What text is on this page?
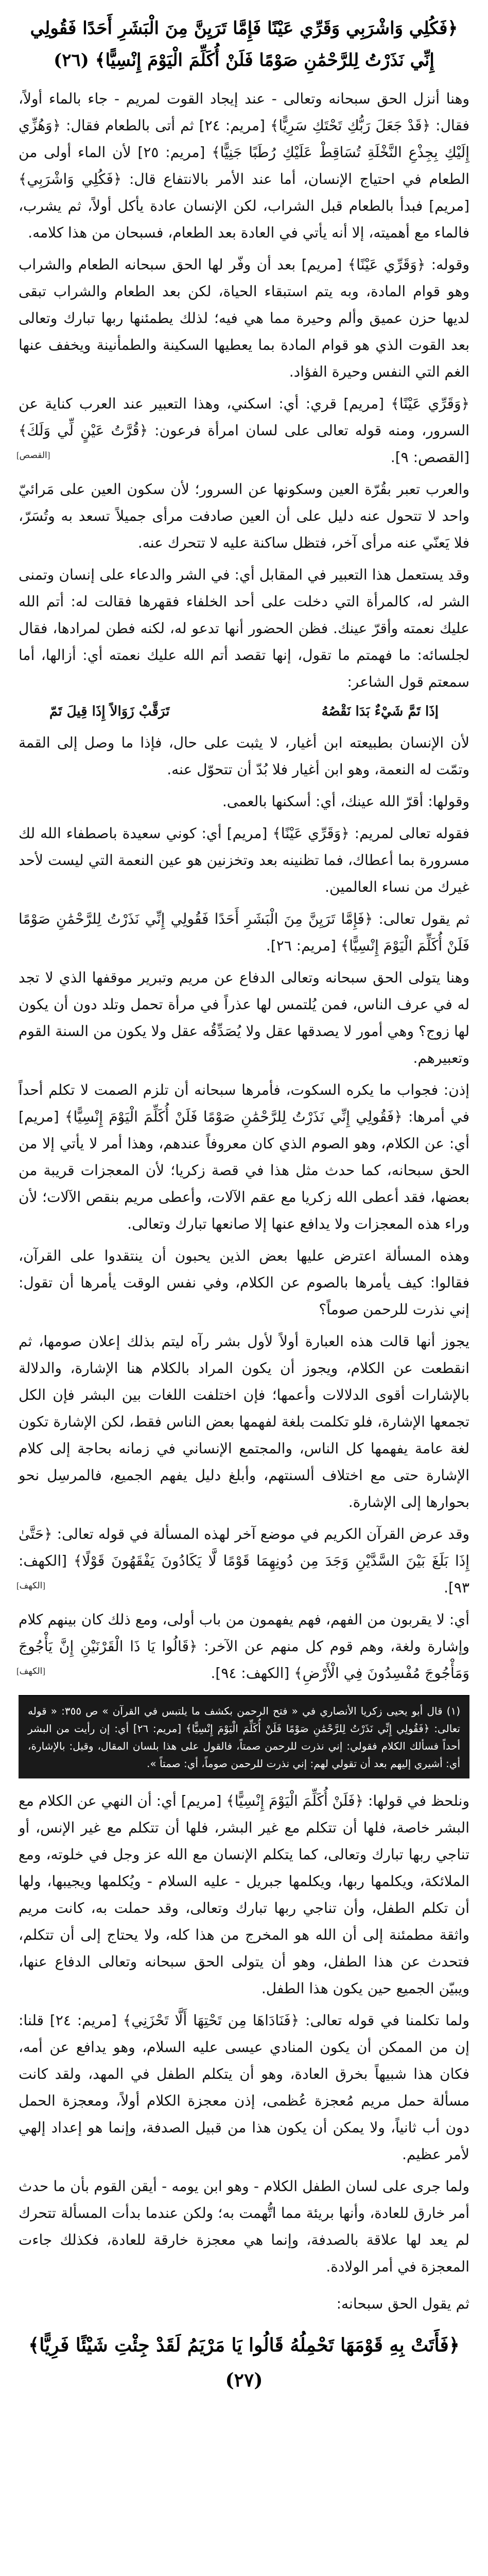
﴿فَكُلِي وَاشْرَبِي وَقَرِّي عَيْنًا فَإِمَّا تَرَيِنَّ مِنَ الْبَشَرِ أَحَدًا فَقُولِي إِنِّي نَذَرْتُ لِلرَّحْمَٰنِ صَوْمًا فَلَنْ أُكَلِّمَ الْيَوْمَ إِنْسِيًّا﴾ (٢٦)

وهنا أنزل الحق سبحانه وتعالى - عند إيجاد القوت لمريم - جاء بالماء أولاً، فقال: ﴿قَدْ جَعَلَ رَبُّكِ تَحْتَكِ سَرِيًّا﴾ [مريم: ٢٤] ثم أتى بالطعام فقال: ﴿وَهُزِّي إِلَيْكِ بِجِذْعِ النَّخْلَةِ تُسَاقِطْ عَلَيْكِ رُطَبًا جَنِيًّا﴾ [مريم: ٢٥] لأن الماء أولى من الطعام في احتياج الإنسان، أما عند الأمر بالانتفاع قال: ﴿فَكُلِي وَاشْرَبِي﴾ [مريم] فبدأ بالطعام قبل الشراب، لكن الإنسان عادة يأكل أولاً، ثم يشرب، فالماء مع أهميته، إلا أنه يأتي في العادة بعد الطعام، فسبحان من هذا كلامه.

وقوله: ﴿وَقَرِّي عَيْنًا﴾ [مريم] بعد أن وفّر لها الحق سبحانه الطعام والشراب وهو قوام المادة، وبه يتم استبقاء الحياة، لكن بعد الطعام والشراب تبقى لديها حزن عميق وألم وحيرة مما هي فيه؛ لذلك يطمئنها ربها تبارك وتعالى بعد القوت الذي هو قوام المادة بما يعطيها السكينة والطمأنينة ويخفف عنها الغم التي النفس وحيرة الفؤاد.

﴿وَقَرِّي عَيْنًا﴾ [مريم] قري: أي: اسكني، وهذا التعبير عند العرب كناية عن السرور، ومنه قوله تعالى على لسان امرأة فرعون: ﴿قُرَّتُ عَيْنٍ لِّي وَلَكَ﴾ [القصص: ٩].
[القصص]

والعرب تعبر بقُرّة العين وسكونها عن السرور؛ لأن سكون العين على مَرائيّ واحد لا تتحول عنه دليل على أن العين صادفت مرأى جميلاً تسعد به وتُسَرّ، فلا يَعنّي عنه مرأى آخر، فتظل ساكنة عليه لا تتحرك عنه.

وقد يستعمل هذا التعبير في المقابل أي: في الشر والدعاء على إنسان وتمنى الشر له، كالمرأة التي دخلت على أحد الخلفاء فقهرها فقالت له: أتم الله عليك نعمته وأقرّ عينك. فظن الحضور أنها تدعو له، لكنه فطن لمرادها، فقال لجلسائه: ما فهمتم ما تقول، إنها تقصد أتم الله عليك نعمته أي: أزالها، أما سمعتم قول الشاعر:

إذَا تَمَّ شَيْءٌ بَدَا نَقْصُهُ
تَرَقَّبْ زَوَالاً إِذَا قِيلَ تَمّ

لأن الإنسان بطبيعته ابن أغيار، لا يثبت على حال، فإذا ما وصل إلى القمة وتمّت له النعمة، وهو ابن أغيار فلا بُدّ أن تتحوّل عنه.

وقولها: أقرّ الله عينك، أي: أسكنها بالعمى.

فقوله تعالى لمريم: ﴿وَقَرِّي عَيْنًا﴾ [مريم] أي: كوني سعيدة باصطفاء الله لك مسرورة بما أعطاك، فما تظنينه بعد وتخزنين هو عين النعمة التي ليست لأحد غيرك من نساء العالمين.

ثم يقول تعالى: ﴿فَإِمَّا تَرَيِنَّ مِنَ الْبَشَرِ أَحَدًا فَقُولِي إِنِّي نَذَرْتُ لِلرَّحْمَٰنِ صَوْمًا فَلَنْ أُكَلِّمَ الْيَوْمَ إِنْسِيًّا﴾ [مريم: ٢٦].

وهنا يتولى الحق سبحانه وتعالى الدفاع عن مريم وتبرير موقفها الذي لا تجد له في عرف الناس، فمن يُلتمس لها عذراً في مرأة تحمل وتلد دون أن يكون لها زوج؟ وهي أمور لا يصدقها عقل ولا يُصَدِّقُه عقل ولا يكون من السنة القوم وتعبيرهم.

إذن: فجواب ما يكره السكوت، فأمرها سبحانه أن تلزم الصمت لا تكلم أحداً في أمرها: ﴿فَقُولِي إِنِّي نَذَرْتُ لِلرَّحْمَٰنِ صَوْمًا فَلَنْ أُكَلِّمَ الْيَوْمَ إِنْسِيًّا﴾ [مريم] أي: عن الكلام، وهو الصوم الذي كان معروفاً عندهم، وهذا أمر لا يأتي إلا من الحق سبحانه، كما حدث مثل هذا في قصة زكريا؛ لأن المعجزات قريبة من بعضها، فقد أعطى الله زكريا مع عقم الآلات، وأعطى مريم بنقص الآلات؛ لأن وراء هذه المعجزات ولا يدافع عنها إلا صانعها تبارك وتعالى.

وهذه المسألة اعترض عليها بعض الذين يحبون أن ينتقدوا على القرآن، فقالوا: كيف يأمرها بالصوم عن الكلام، وفي نفس الوقت يأمرها أن تقول: إني نذرت للرحمن صوماً؟

يجوز أنها قالت هذه العبارة أولاً لأول بشر رآه ليتم بذلك إعلان صومها، ثم انقطعت عن الكلام، ويجوز أن يكون المراد بالكلام هنا الإشارة، والدلالة بالإشارات أقوى الدلالات وأعمها؛ فإن اختلفت اللغات بين البشر فإن الكل تجمعها الإشارة، فلو تكلمت بلغة لفهمها بعض الناس فقط، لكن الإشارة تكون لغة عامة يفهمها كل الناس، والمجتمع الإنساني في زمانه بحاجة إلى كلام الإشارة حتى مع اختلاف ألسنتهم، وأبلغ دليل يفهم الجميع، فالمرسِل نحو بحوارها إلى الإشارة.

وقد عرض القرآن الكريم في موضع آخر لهذه المسألة في قوله تعالى: ﴿حَتَّىٰ إِذَا بَلَغَ بَيْنَ السَّدَّيْنِ وَجَدَ مِن دُونِهِمَا قَوْمًا لَّا يَكَادُونَ يَفْقَهُونَ قَوْلًا﴾ [الكهف: ٩٣].
[الكهف]

أي: لا يقربون من الفهم، فهم يفهمون من باب أولى، ومع ذلك كان بينهم كلام وإشارة ولغة، وهم قوم كل منهم عن الآخر: ﴿قَالُوا يَا ذَا الْقَرْنَيْنِ إِنَّ يَأْجُوجَ وَمَأْجُوجَ مُفْسِدُونَ فِي الْأَرْضِ﴾ [الكهف: ٩٤].
[الكهف]

(١) قال أبو يحيى زكريا الأنصاري في « فتح الرحمن بكشف ما يلتبس في القرآن » ص ٣٥٥: « قوله تعالى: ﴿فَقُولِي إِنِّي نَذَرْتُ لِلرَّحْمَٰنِ صَوْمًا فَلَنْ أُكَلِّمَ الْيَوْمَ إِنْسِيًّا﴾ [مريم: ٢٦] أي: إن رأيت من البشر أحداً فسألك الكلام فقولي: إني نذرت للرحمن صمتاً، فالقول على هذا بلسان المقال، وقيل: بالإشارة، أي: أشيري إليهم بعد أن تقولي لهم: إني نذرت للرحمن صوماً، أي: صمتاً ».

ونلحظ في قولها: ﴿فَلَنْ أُكَلِّمَ الْيَوْمَ إِنْسِيًّا﴾ [مريم] أي: أن النهي عن الكلام مع البشر خاصة، فلها أن تتكلم مع غير البشر، فلها أن تتكلم مع غير الإنس، أو تناجي ربها تبارك وتعالى، كما يتكلم الإنسان مع الله عز وجل في خلوته، ومع الملائكة، ويكلمها ربها، ويكلمها جبريل - عليه السلام - ويُكلمها ويجيبها، ولها أن تكلم الطفل، وأن تناجي ربها تبارك وتعالى، وقد حملت به، كانت مريم واثقة مطمئنة إلى أن الله هو المخرج من هذا كله، ولا يحتاج إلى أن تتكلم، فتحدث عن هذا الطفل، وهو أن يتولى الحق سبحانه وتعالى الدفاع عنها، ويبيّن الجميع حين يكون هذا الطفل.

ولما تكلمنا في قوله تعالى: ﴿فَنَادَاهَا مِن تَحْتِهَا أَلَّا تَحْزَنِي﴾ [مريم: ٢٤] قلنا: إن من الممكن أن يكون المنادي عيسى عليه السلام، وهو يدافع عن أمه، فكان هذا شبيهاً بخرق العادة، وهو أن يتكلم الطفل في المهد، ولقد كانت مسألة حمل مريم مُعجزة عُظمى، إذن معجزة الكلام أولاً، ومعجزة الحمل دون أب ثانياً، ولا يمكن أن يكون هذا من قبيل الصدفة، وإنما هو إعداد إلهي لأمر عظيم.

ولما جرى على لسان الطفل الكلام - وهو ابن يومه - أيقن القوم بأن ما حدث أمر خارق للعادة، وأنها بريئة مما اتُّهمت به؛ ولكن عندما بدأت المسألة تتحرك لم يعد لها علاقة بالصدفة، وإنما هي معجزة خارقة للعادة، فكذلك جاءت المعجزة في أمر الولادة.

ثم يقول الحق سبحانه:
﴿فَأَتَتْ بِهِ قَوْمَهَا تَحْمِلُهُ قَالُوا يَا مَرْيَمُ لَقَدْ جِئْتِ شَيْئًا فَرِيًّا﴾ (٢٧)
